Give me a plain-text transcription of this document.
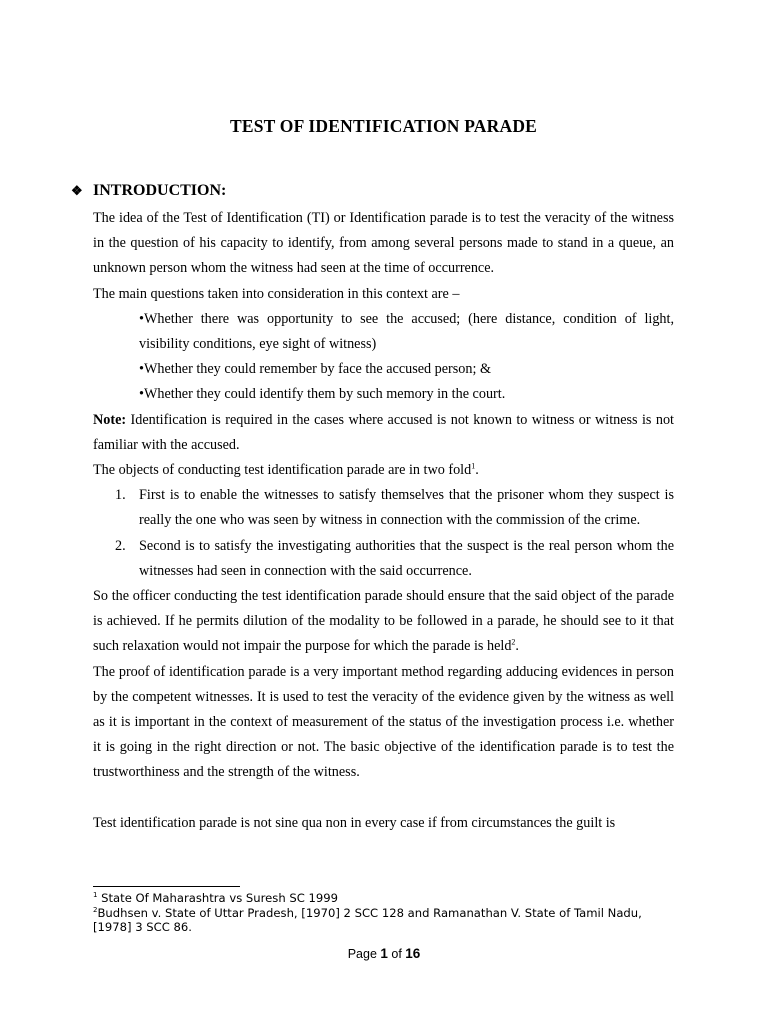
TEST OF IDENTIFICATION PARADE
❖ INTRODUCTION:

The idea of the Test of Identification (TI) or Identification parade is to test the veracity of the witness in the question of his capacity to identify, from among several persons made to stand in a queue, an unknown person whom the witness had seen at the time of occurrence.

The main questions taken into consideration in this context are –

•Whether there was opportunity to see the accused; (here distance, condition of light, visibility conditions, eye sight of witness)

•Whether they could remember by face the accused person; &

•Whether they could identify them by such memory in the court.

Note: Identification is required in the cases where accused is not known to witness or witness is not familiar with the accused.

The objects of conducting test identification parade are in two fold$^1$.

1. First is to enable the witnesses to satisfy themselves that the prisoner whom they suspect is really the one who was seen by witness in connection with the commission of the crime.
2. Second is to satisfy the investigating authorities that the suspect is the real person whom the witnesses had seen in connection with the said occurrence.

So the officer conducting the test identification parade should ensure that the said object of the parade is achieved. If he permits dilution of the modality to be followed in a parade, he should see to it that such relaxation would not impair the purpose for which the parade is held$^2$.

The proof of identification parade is a very important method regarding adducing evidences in person by the competent witnesses. It is used to test the veracity of the evidence given by the witness as well as it is important in the context of measurement of the status of the investigation process i.e. whether it is going in the right direction or not. The basic objective of the identification parade is to test the trustworthiness and the strength of the witness.

Test identification parade is not sine qua non in every case if from circumstances the guilt is

$^1$ State Of Maharashtra vs Suresh SC 1999

$^2$Budhsen v. State of Uttar Pradesh, [1970] 2 SCC 128 and Ramanathan V. State of Tamil Nadu, [1978] 3 SCC 86.

Page 1 of 16
